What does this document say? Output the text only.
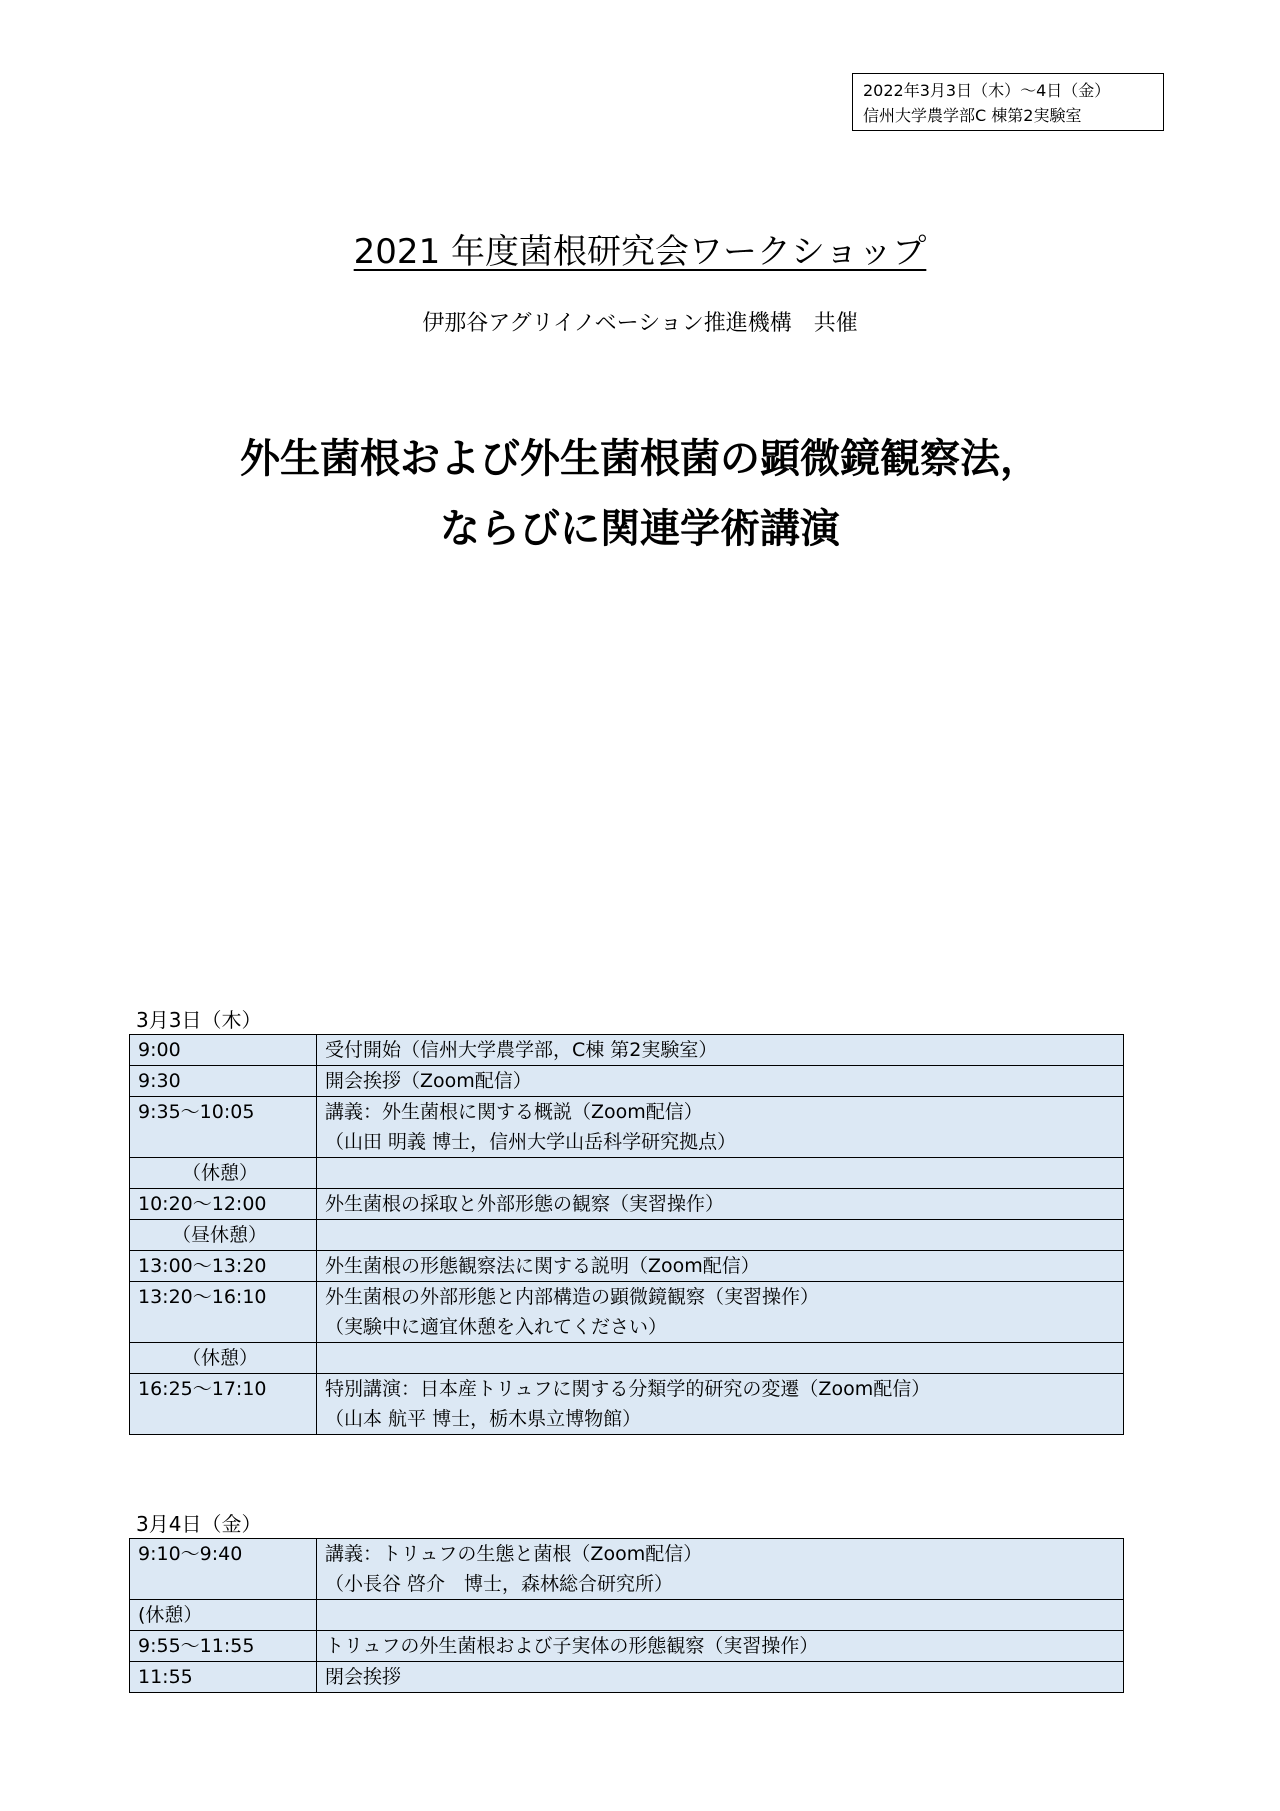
2022年3月3日（木）～4日（金）
信州大学農学部C 棟第2実験室
2021 年度菌根研究会ワークショップ
伊那谷アグリイノベーション推進機構　共催
外生菌根および外生菌根菌の顕微鏡観察法，
ならびに関連学術講演
3月3日（木）
9:00	受付開始（信州大学農学部，C棟 第2実験室）

9:30	開会挨拶（Zoom配信）

9:35～10:05	講義：外生菌根に関する概説（Zoom配信）
（山田 明義 博士，信州大学山岳科学研究拠点）

（休憩）	

10:20～12:00	外生菌根の採取と外部形態の観察（実習操作）

（昼休憩）	

13:00～13:20	外生菌根の形態観察法に関する説明（Zoom配信）

13:20～16:10	外生菌根の外部形態と内部構造の顕微鏡観察（実習操作）
（実験中に適宜休憩を入れてください）

（休憩）	

16:25～17:10	特別講演：日本産トリュフに関する分類学的研究の変遷（Zoom配信）
（山本 航平 博士，栃木県立博物館）
3月4日（金）
9:10～9:40	講義：トリュフの生態と菌根（Zoom配信）
（小長谷 啓介　博士，森林総合研究所）

(休憩）	

9:55～11:55	トリュフの外生菌根および子実体の形態観察（実習操作）

11:55	閉会挨拶
